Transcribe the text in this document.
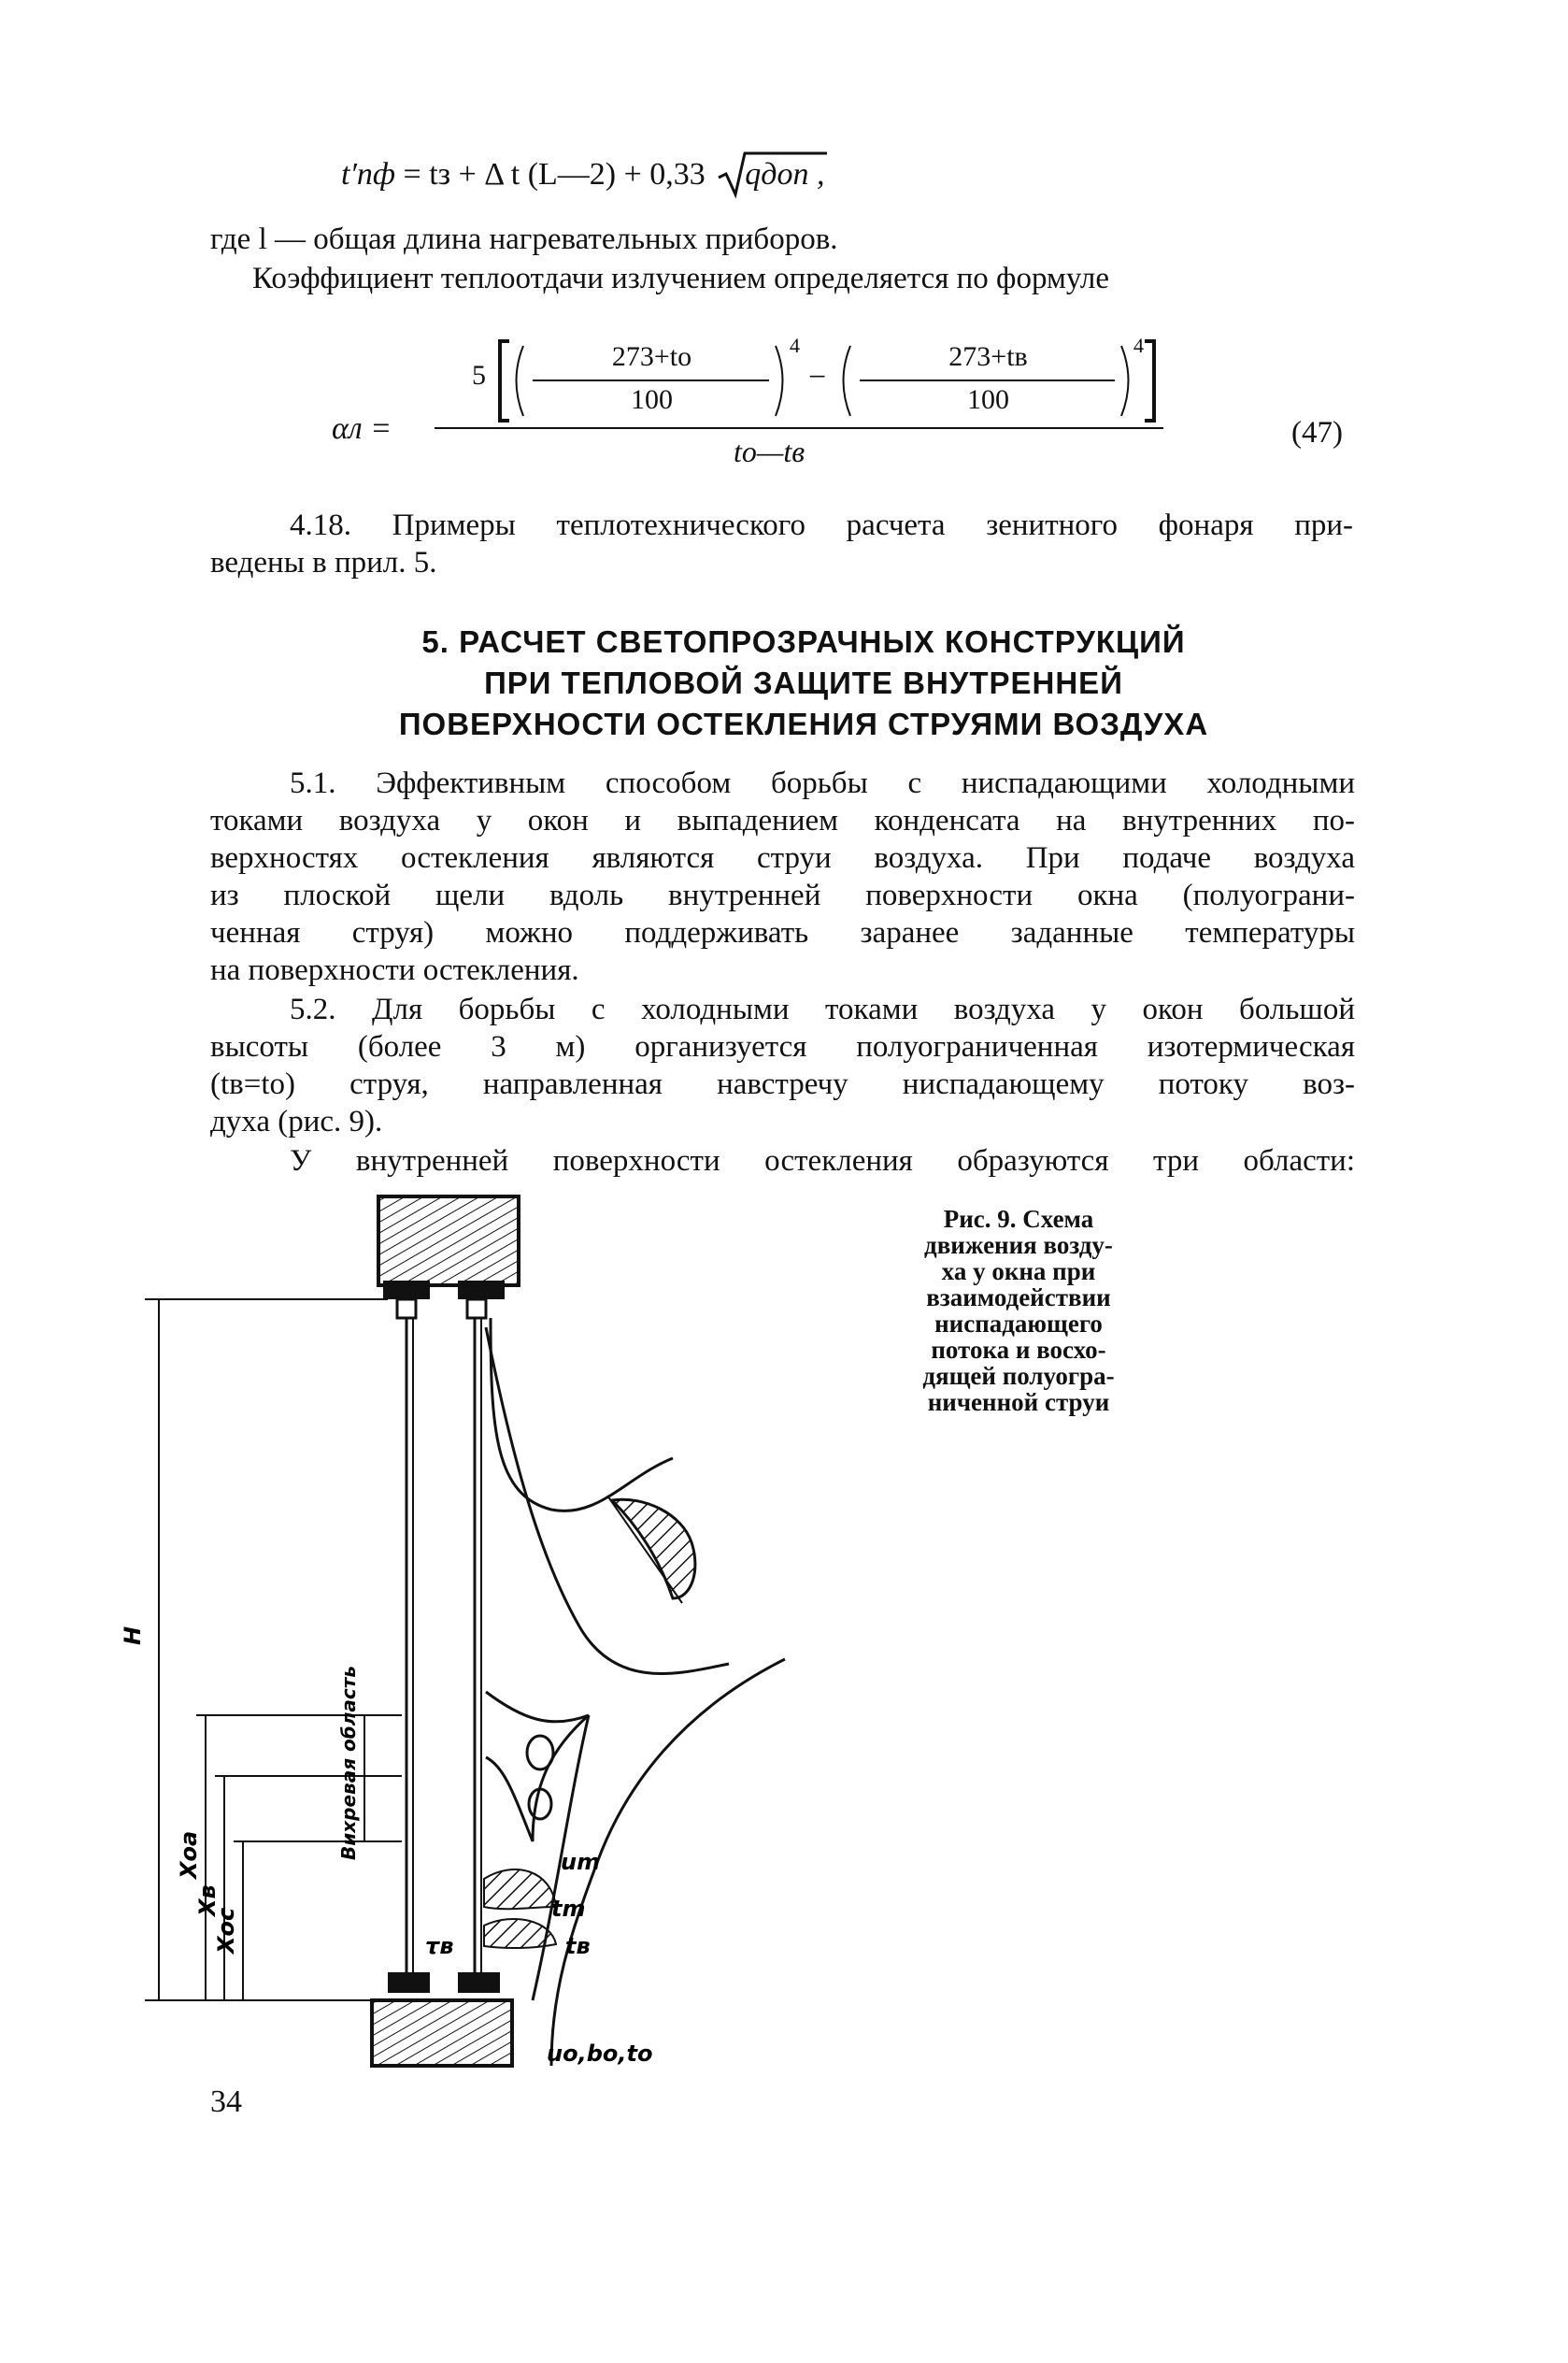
t′пф = tз + Δ t (L—2) + 0,33 qдоп ,
где l — общая длина нагревательных приборов.
Коэффициент теплоотдачи излучением определяется по формуле
αл =
5
273+tо
100
4
−
273+tв
100
4
tо—tв
(47)
4.18. Примеры теплотехнического расчета зенитного фонаря при-
ведены в прил. 5.
5. РАСЧЕТ СВЕТОПРОЗРАЧНЫХ КОНСТРУКЦИЙ
ПРИ ТЕПЛОВОЙ ЗАЩИТЕ ВНУТРЕННЕЙ
ПОВЕРХНОСТИ ОСТЕКЛЕНИЯ СТРУЯМИ ВОЗДУХА
5.1. Эффективным способом борьбы с ниспадающими холодными
токами воздуха у окон и выпадением конденсата на внутренних по-
верхностях остекления являются струи воздуха. При подаче воздуха
из плоской щели вдоль внутренней поверхности окна (полуограни-
ченная струя) можно поддерживать заранее заданные температуры
на поверхности остекления.
5.2. Для борьбы с холодными токами воздуха у окон большой
высоты (более 3 м) организуется полуограниченная изотермическая
(tв=tо) струя, направленная навстречу ниспадающему потоку воз-
духа (рис. 9).
У внутренней поверхности остекления образуются три области:
Рис. 9. Схема
движения возду-
ха у окна при
взаимодействии
ниспадающего
потока и восхо-
дящей полуогра-
ниченной струи
H
Вихревая область
Xоа
Xв
Xос
um
tm
τв	tв
uо,bо,tо
34
